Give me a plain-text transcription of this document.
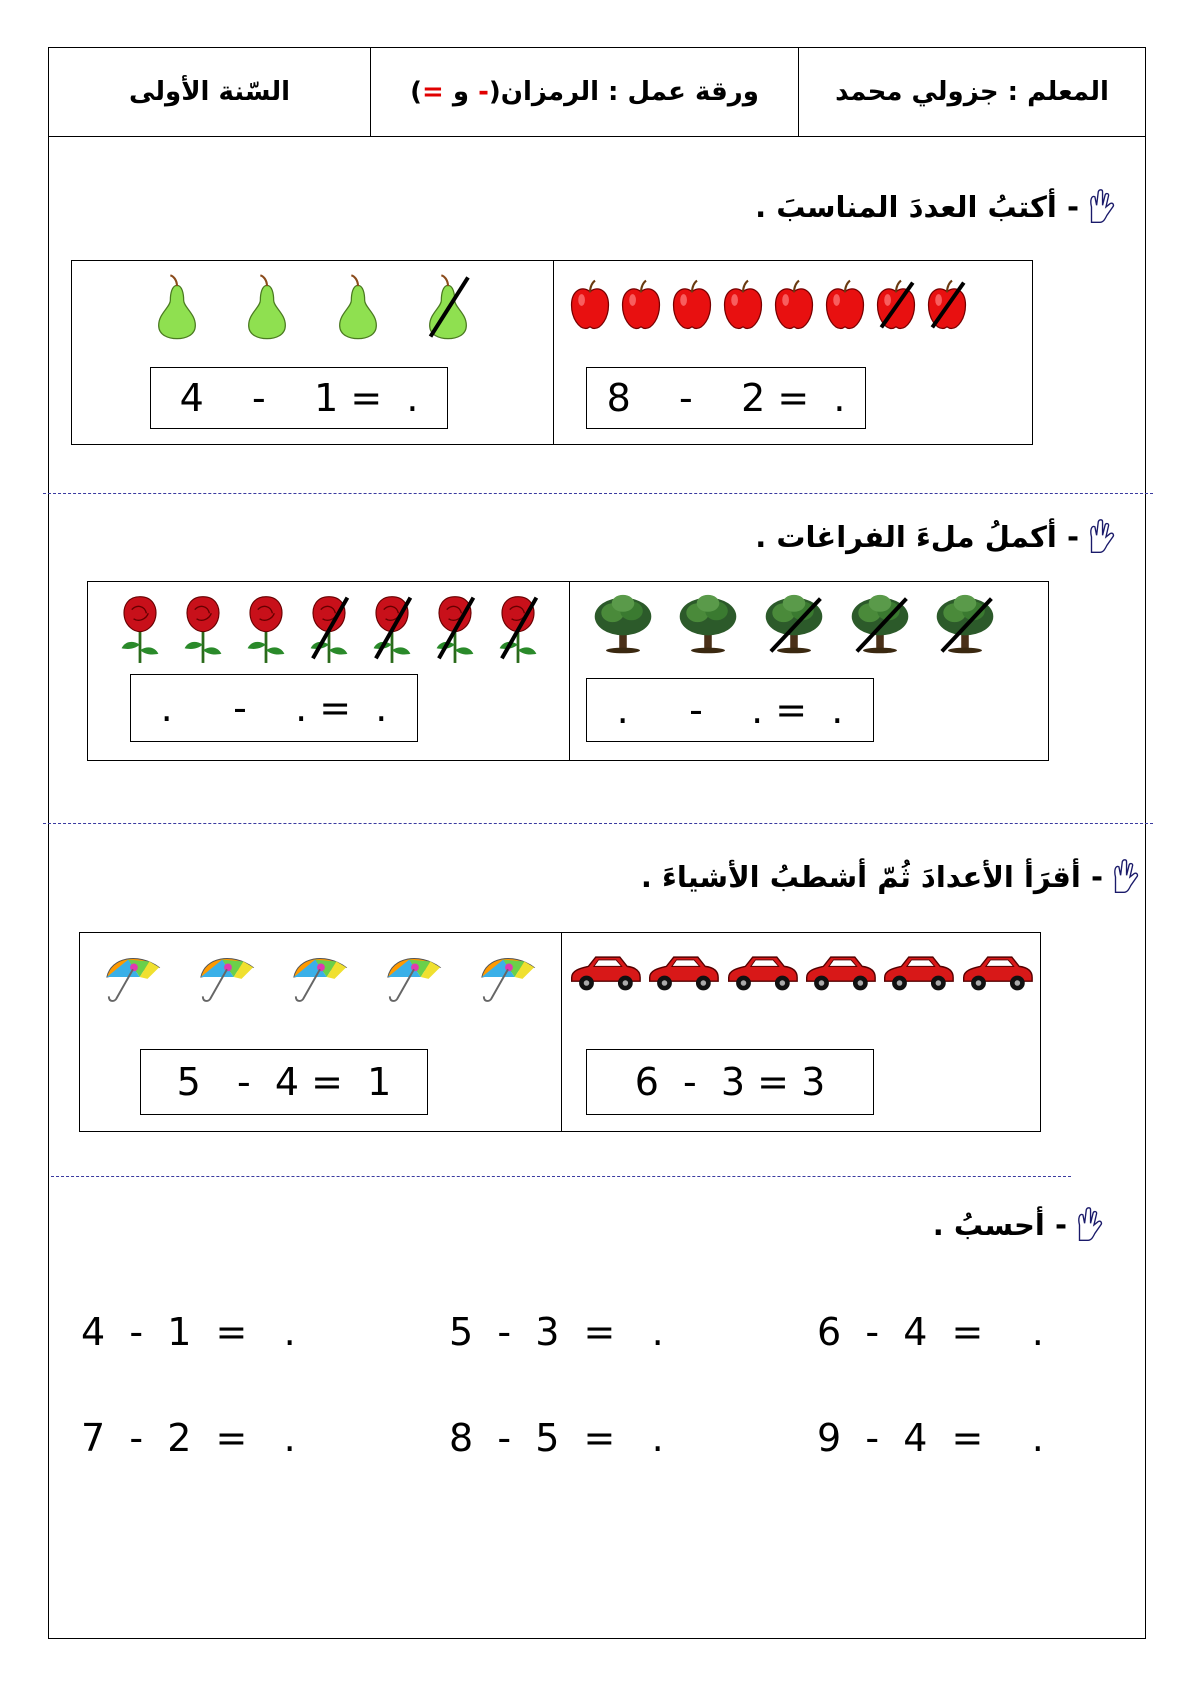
السّنة الأولى	ورقة عمل : الرمزان(- و =)	المعلم : جزولي محمد
- أكتبُ العددَ المناسبَ .
4    -    1 =  .	8    -    2 =  .
- أكملُ ملءَ الفراغات .
.     -    . =  .	.     -    . =  .
- أقرَأ الأعدادَ ثُمّ أشطبُ الأشياءَ .
5   -  4 =  1	6  -  3 = 3
- أحسبُ .
4  -  1  =   .	5  -  3  =   .	6  -  4  =    .
7  -  2  =   .	8  -  5  =   .	9  -  4  =    .
